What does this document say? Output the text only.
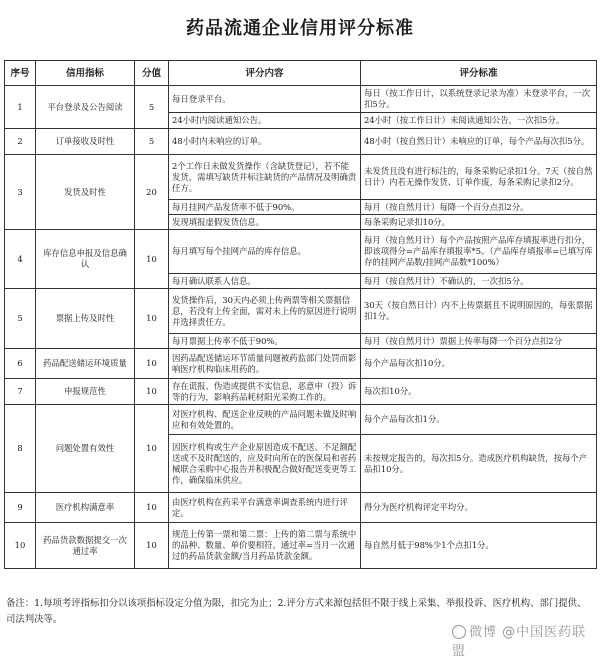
药品流通企业信用评分标准
序号	信用指标	分值	评分内容	评分标准
1	平台登录及公告阅读	5	每日登录平台。	每日（按工作日计，以系统登录记录为准）未登录平台，一次扣5分。
			24小时内阅读通知公告。	24小时（按工作日计）未阅读通知公告，一次扣5分。
2	订单接收及时性	5	48小时内未响应的订单。	48小时（按自然日计）未响应的订单，每个产品每次扣5分。
3	发货及时性	20	2个工作日未做发货操作（含缺货登记），若不能发货，需填写缺货并标注缺货的产品情况及明确责任方。	未发货且没有进行标注的，每条采购记录扣1分。7天（按自然日计）内若无操作发货、订单作废，每条采购记录扣2分。
			每月挂网产品发货率不低于90%。	每月（按自然月计）每降一个百分点扣2分。
			发现填报虚假发货信息。	每条采购记录扣10分。
4	库存信息申报及信息确认	10	每月填写每个挂网产品的库存信息。	每月（按自然月计）每个产品按照产品库存填报率进行扣分，即该项得分=产品库存填报率*5。（产品库存填报率=已填写库存的挂网产品数/挂网产品数*100%）
			每月确认联系人信息。	每月（按自然月计）不确认的，一次扣5分。
5	票据上传及时性	10	发货操作后，30天内必须上传两票等相关票据信息，若没有上传全面，需对未上传的原因进行说明并选择责任方。	30天（按自然日计）内不上传票据且不说明原因的，每张票据扣1分。
			每月票据上传率不低于90%。	每月（按自然月计）票据上传率每降一个百分点扣2分
6	药品配送储运环境质量	10	因药品配送储运环节质量问题被药监部门处罚而影响医疗机构临床用药的。	每个产品每次扣10分。
7	申报规范性	10	存在谎报、伪造或提供不实信息，恶意申（投）诉等的行为，影响药品耗材阳光采购工作的。	每次扣10分。
8	问题处置有效性	10	对医疗机构、配送企业反映的产品问题未做及时响应和有效处置的。	每个产品每次扣1分。
			因医疗机构或生产企业原因造成不配送、不足额配送或不及时配送的，应及时向所在的医保局和省药械联合采购中心报告并积极配合做好配送变更等工作，确保临床供应。	未按规定报告的，每次扣5分。造成医疗机构缺货，按每个产品扣10分。
9	医疗机构满意率	10	由医疗机构在药采平台满意率调查系统内进行评定。	得分为医疗机构评定平均分。
10	药品货款数据提交一次通过率	10	规范上传第一票和第二票：上传的第二票与系统中的品种、数量、单价要相符。通过率=当月一次通过的药品货款金额/当月药品货款金额。	每自然月低于98%少1个点扣1分。
备注：1.每项考评指标扣分以该项指标设定分值为限，扣完为止；2.评分方式来源包括但不限于线上采集、举报投诉、医疗机构、部门提供、司法判决等。
微博 @中国医药联盟
